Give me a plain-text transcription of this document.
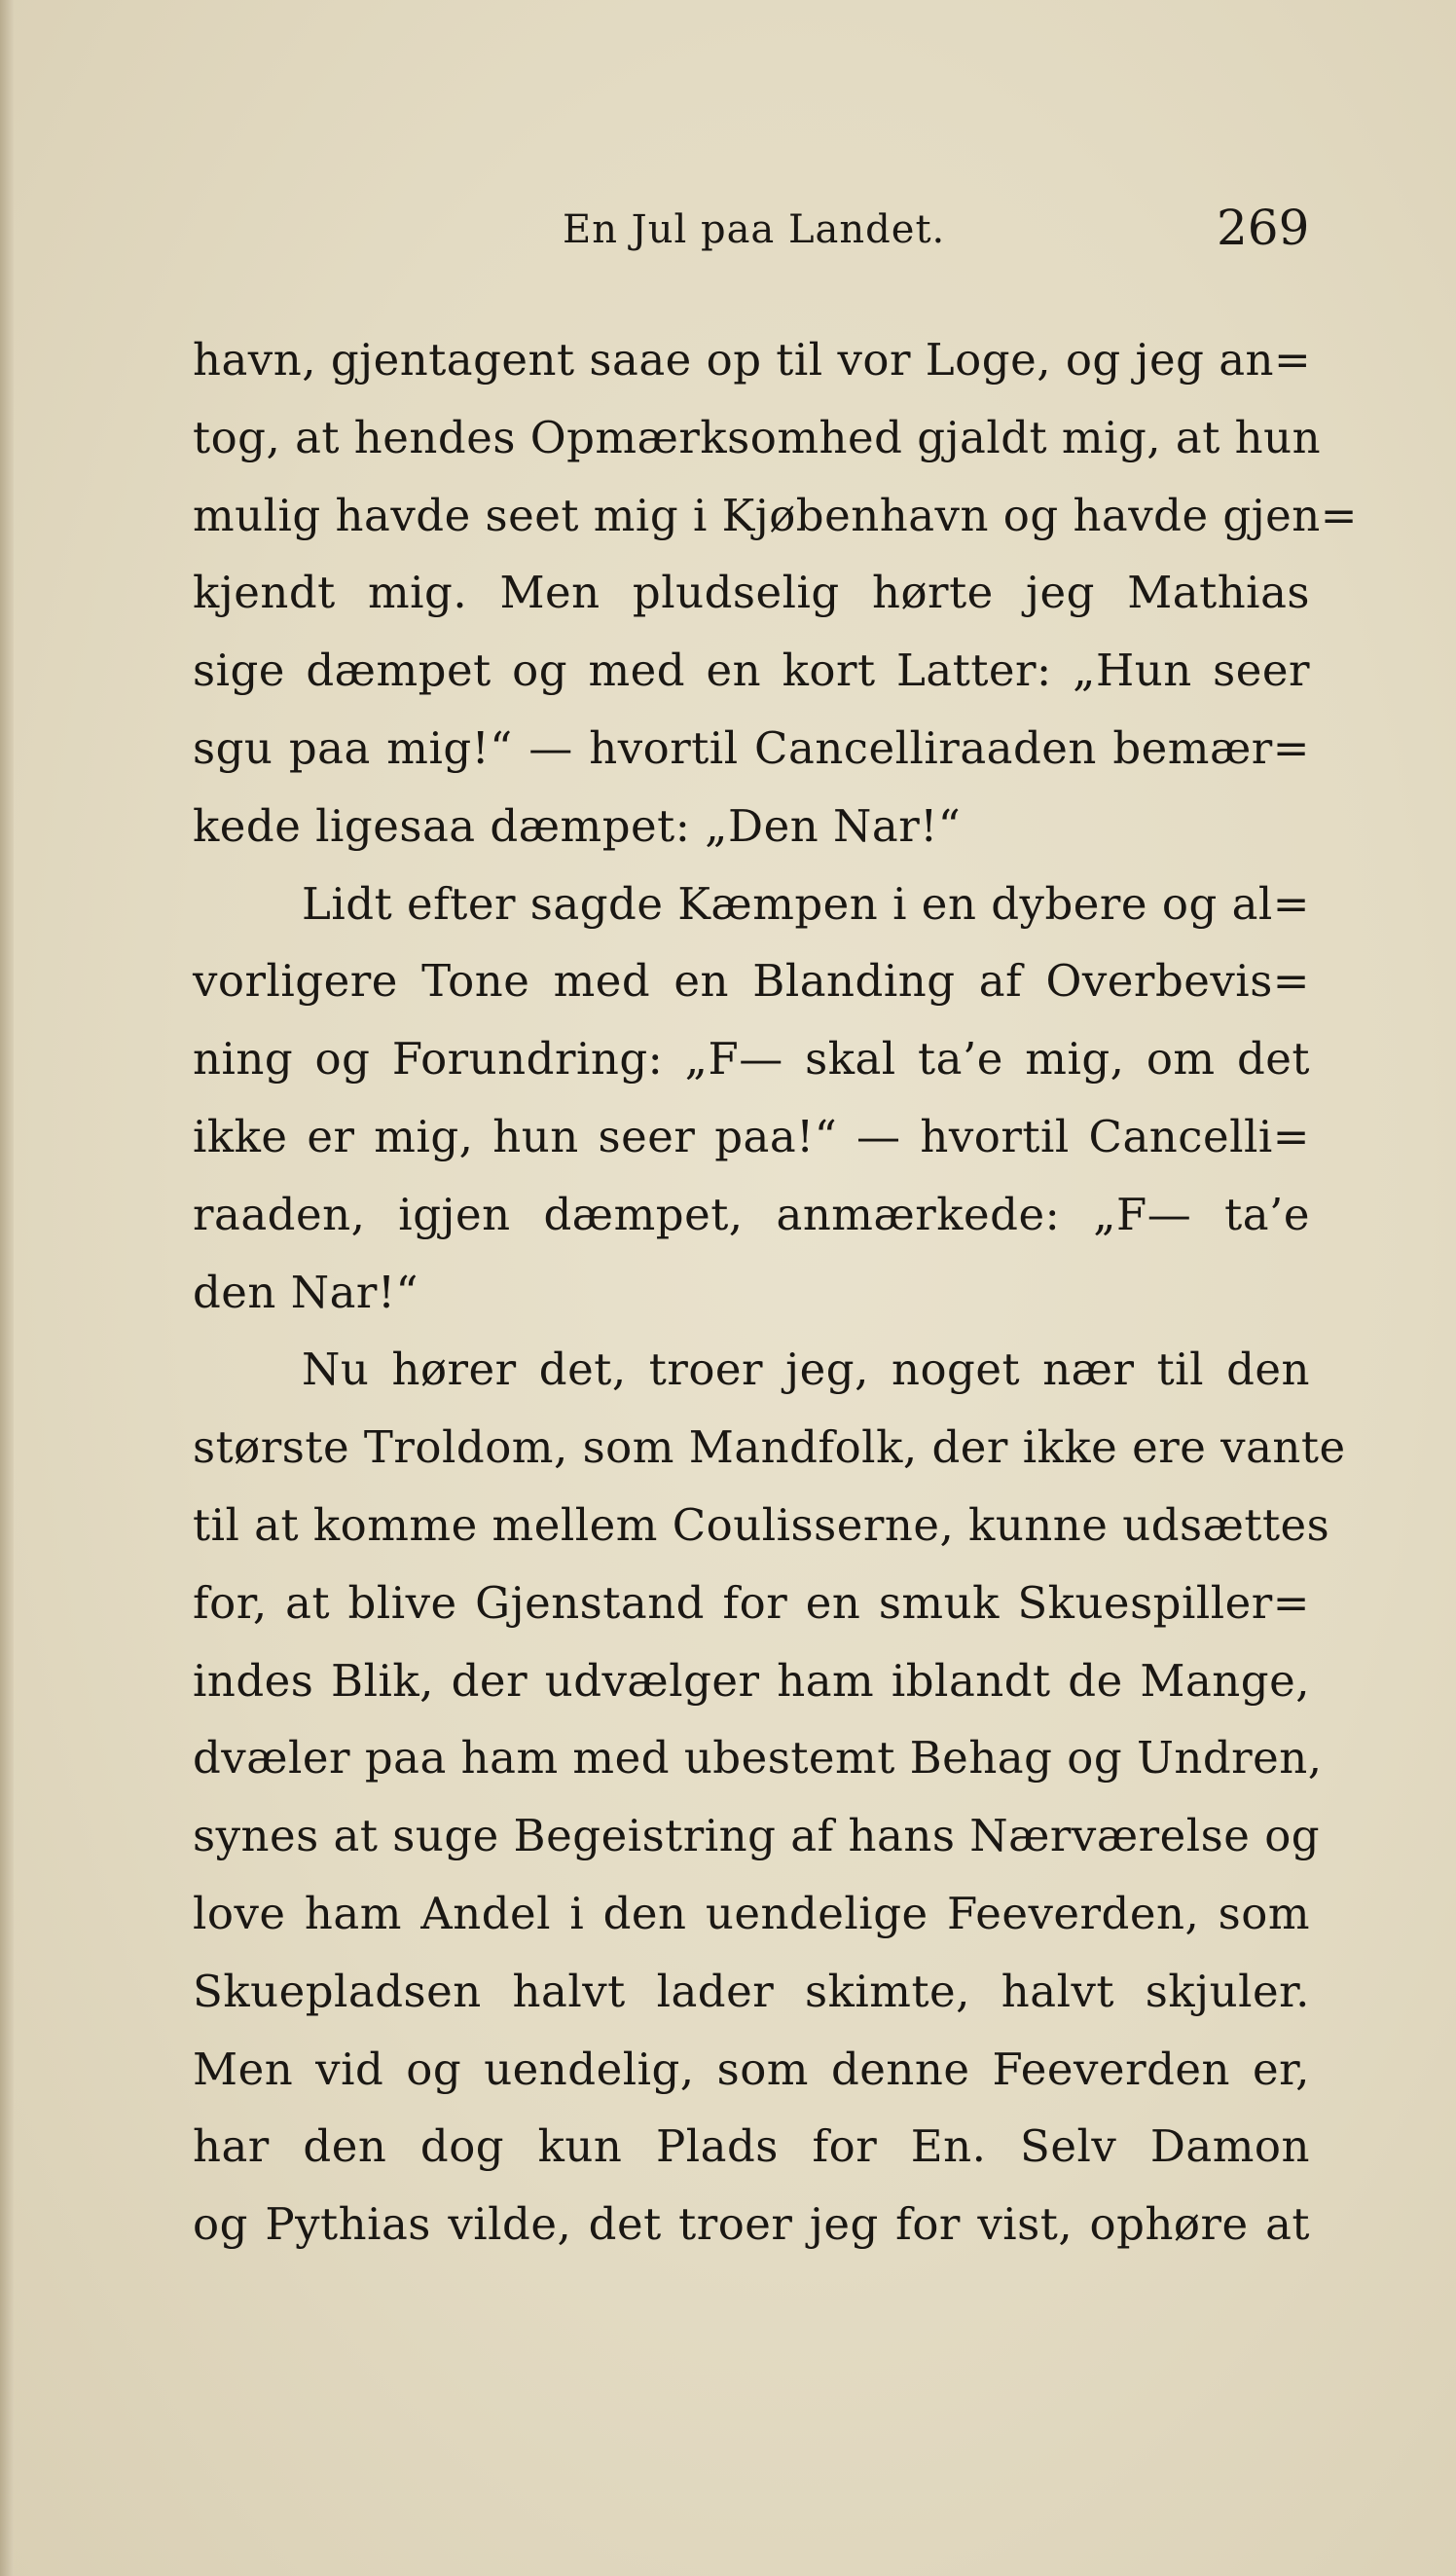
En Jul paa Landet.	269
havn, gjentagent saae op til vor Loge, og jeg an=
tog, at hendes Opmærksomhed gjaldt mig, at hun
mulig havde seet mig i Kjøbenhavn og havde gjen=
kjendt mig. Men pludselig hørte jeg Mathias
sige dæmpet og med en kort Latter: „Hun seer
sgu paa mig!“ — hvortil Cancelliraaden bemær=
kede ligesaa dæmpet: „Den Nar!“
Lidt efter sagde Kæmpen i en dybere og al=
vorligere Tone med en Blanding af Overbevis=
ning og Forundring: „F— skal ta’e mig, om det
ikke er mig, hun seer paa!“ — hvortil Cancelli=
raaden, igjen dæmpet, anmærkede: „F— ta’e
den Nar!“
Nu hører det, troer jeg, noget nær til den
største Troldom, som Mandfolk, der ikke ere vante
til at komme mellem Coulisserne, kunne udsættes
for, at blive Gjenstand for en smuk Skuespiller=
indes Blik, der udvælger ham iblandt de Mange,
dvæler paa ham med ubestemt Behag og Undren,
synes at suge Begeistring af hans Nærværelse og
love ham Andel i den uendelige Feeverden, som
Skuepladsen halvt lader skimte, halvt skjuler.
Men vid og uendelig, som denne Feeverden er,
har den dog kun Plads for En. Selv Damon
og Pythias vilde, det troer jeg for vist, ophøre at
